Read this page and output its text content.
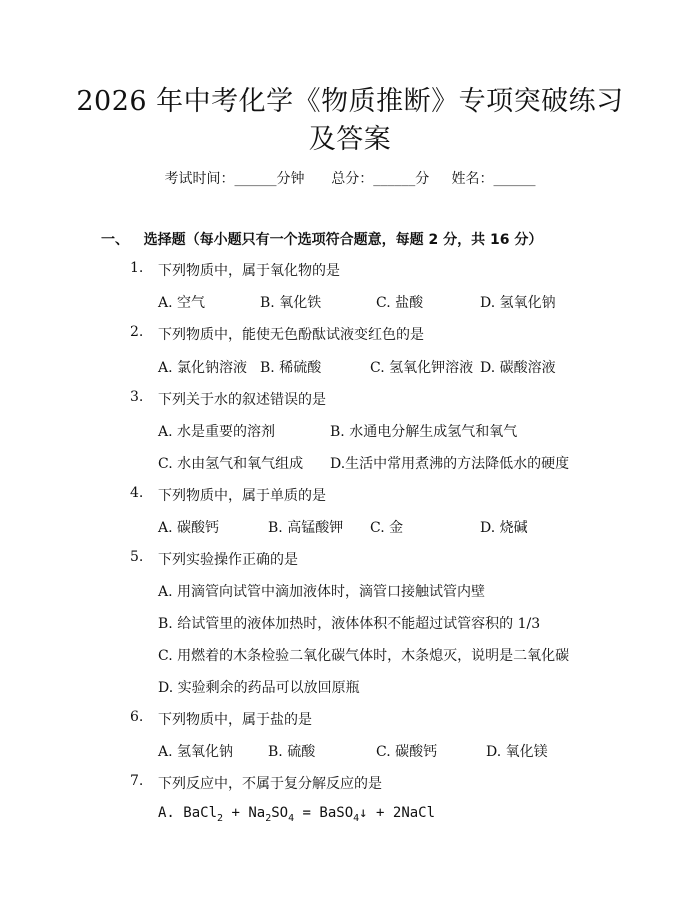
2026 年中考化学《物质推断》专项突破练习
及答案
考试时间：______分钟 总分：______分 姓名：______
一、 选择题（每小题只有一个选项符合题意，每题 2 分，共 16 分）
1. 下列物质中，属于氧化物的是
A. 空气	B. 氧化铁	C. 盐酸	D. 氢氧化钠
2. 下列物质中，能使无色酚酞试液变红色的是
A. 氯化钠溶液 B. 稀硫酸	C. 氢氧化钾溶液 D. 碳酸溶液
3. 下列关于水的叙述错误的是
A. 水是重要的溶剂	B. 水通电分解生成氢气和氧气
C. 水由氢气和氧气组成 D.生活中常用煮沸的方法降低水的硬度
4. 下列物质中，属于单质的是
A. 碳酸钙	B. 高锰酸钾 C. 金	D. 烧碱
5. 下列实验操作正确的是
A. 用滴管向试管中滴加液体时，滴管口接触试管内壁
B. 给试管里的液体加热时，液体体积不能超过试管容积的 1/3
C. 用燃着的木条检验二氧化碳气体时，木条熄灭，说明是二氧化碳
D. 实验剩余的药品可以放回原瓶
6. 下列物质中，属于盐的是
A. 氢氧化钠 B. 硫酸	C. 碳酸钙	D. 氧化镁
7. 下列反应中，不属于复分解反应的是
A. BaCl$_2$ + $Na_2SO_4$ = BaSO$_4$↓ + 2NaCl
